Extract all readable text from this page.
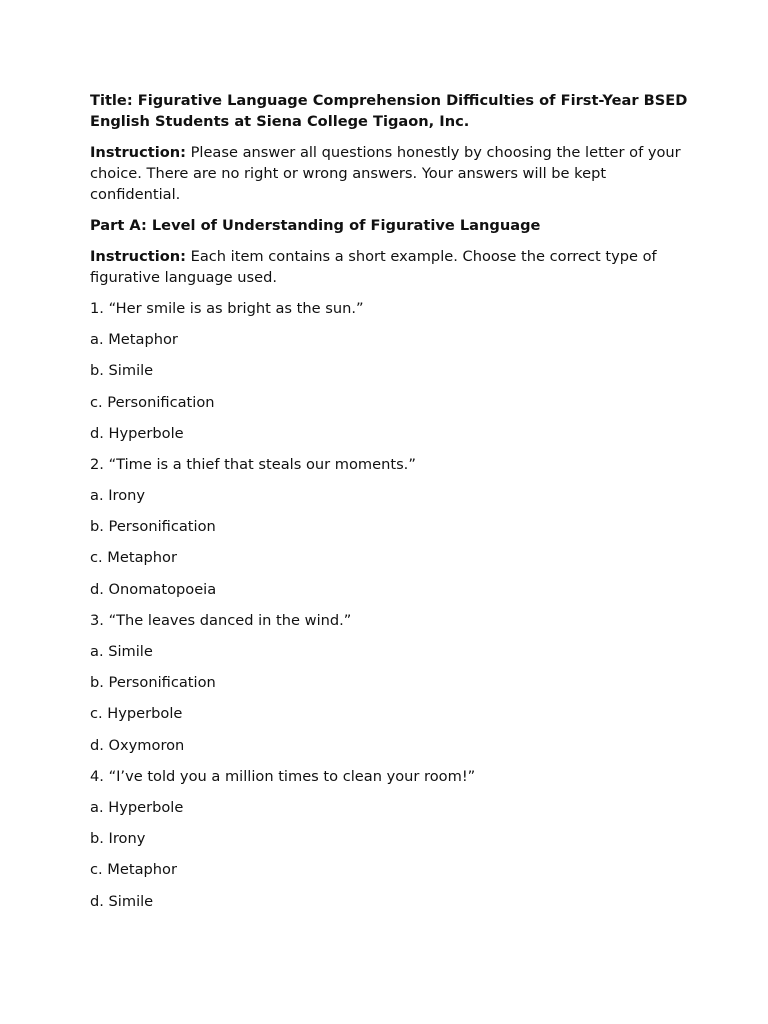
Title: Figurative Language Comprehension Difficulties of First-Year BSED English Students at Siena College Tigaon, Inc.

Instruction: Please answer all questions honestly by choosing the letter of your choice. There are no right or wrong answers. Your answers will be kept confidential.

Part A: Level of Understanding of Figurative Language

Instruction: Each item contains a short example. Choose the correct type of figurative language used.

1. “Her smile is as bright as the sun.”

a. Metaphor

b. Simile

c. Personification

d. Hyperbole

2. “Time is a thief that steals our moments.”

a. Irony

b. Personification

c. Metaphor

d. Onomatopoeia

3. “The leaves danced in the wind.”

a. Simile

b. Personification

c. Hyperbole

d. Oxymoron

4. “I’ve told you a million times to clean your room!”

a. Hyperbole

b. Irony

c. Metaphor

d. Simile
